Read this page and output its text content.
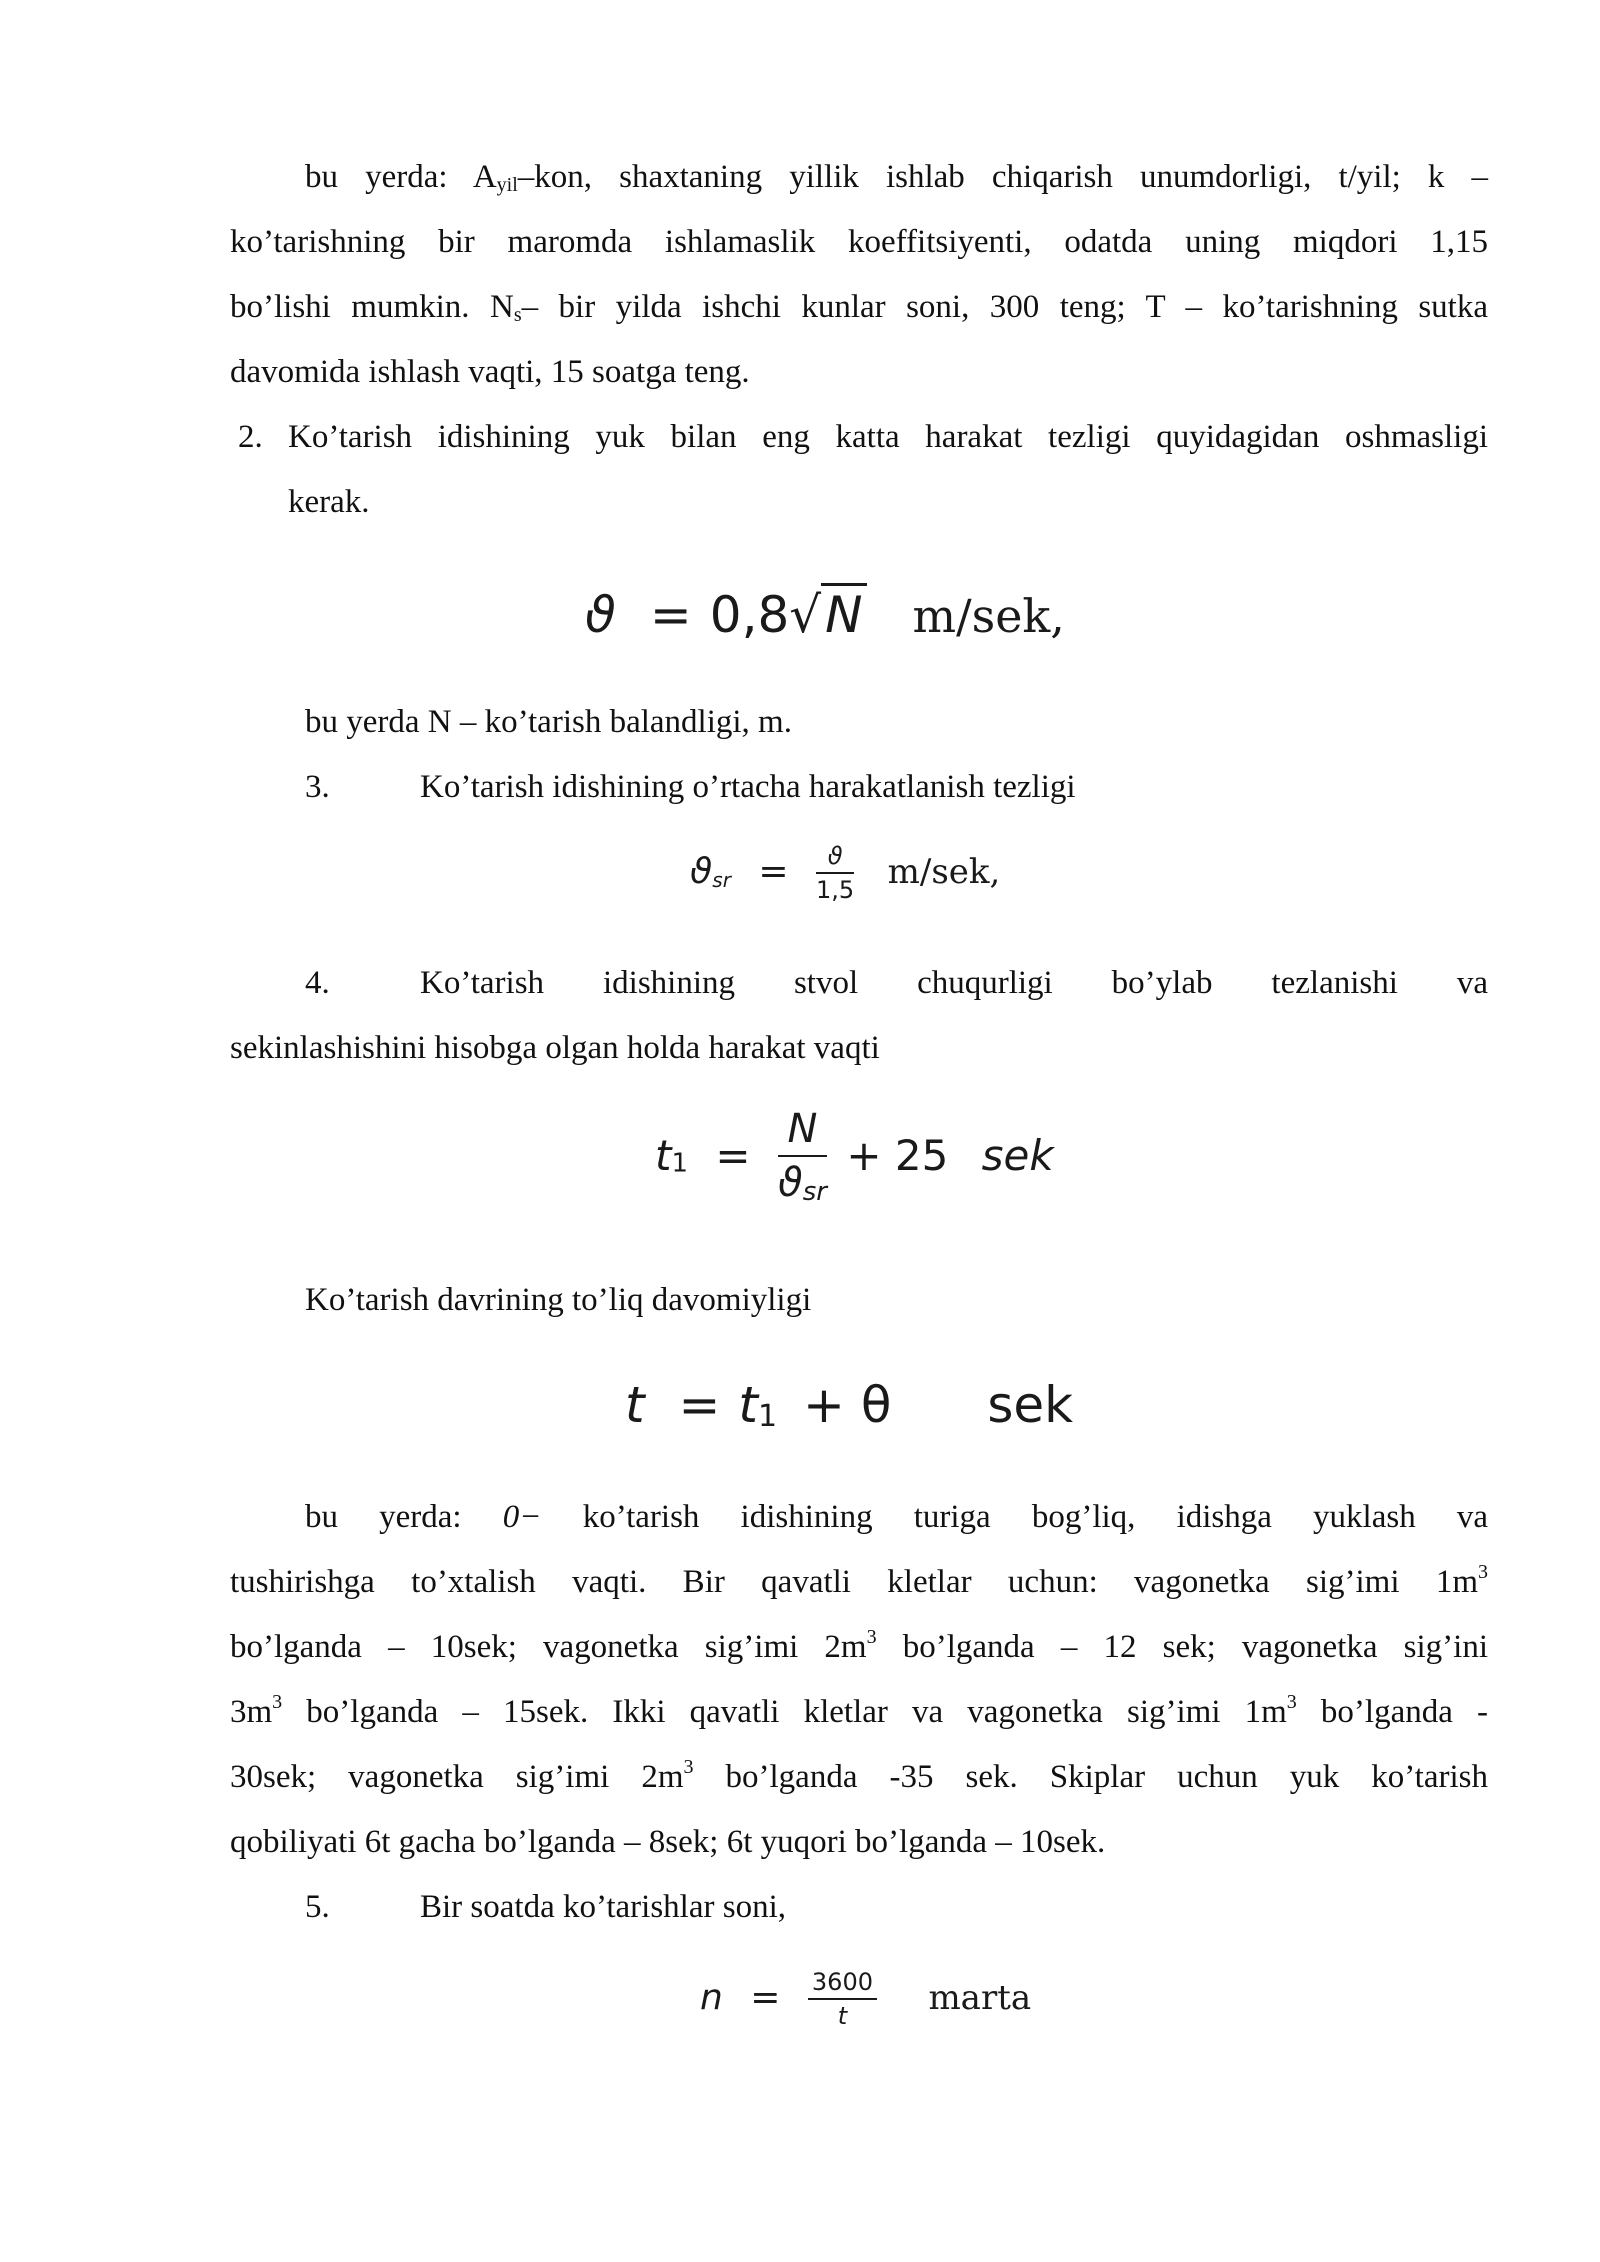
bu yerda: $A_{yil}$–kon, shaxtaning yillik ishlab chiqarish unumdorligi, t/yil; k –
ko’tarishning bir maromda ishlamaslik koeffitsiyenti, odatda uning miqdori 1,15
bo’lishi mumkin. $N_s-$ bir yilda ishchi kunlar soni, 300 teng; T – ko’tarishning sutka
davomida ishlash vaqti, 15 soatga teng.
2. Ko’tarish idishining yuk bilan eng katta harakat tezligi quyidagidan oshmasligi
kerak.
ϑ = 0,8√N m/sek,
bu yerda N – ko’tarish balandligi, m.
3.	Ko’tarish idishining o’rtacha harakatlanish tezligi
$ϑ_{sr} = \frac{ϑ}{1,5} m/sek$,
4.	Ko’tarish idishining stvol chuqurligi bo’ylab tezlanishi va
sekinlashishini hisobga olgan holda harakat vaqti
$t_1 = \frac{N}{ϑ_{sr}} + 25$ sek
Ko’tarish davrining to’liq davomiyligi
$t = t_1 + \theta$ sek
bu yerda: 0− ko’tarish idishining turiga bog’liq, idishga yuklash va
tushirishga to’xtalish vaqti. Bir qavatli kletlar uchun: vagonetka sig’imi $1m^3$
bo’lganda – 10sek; vagonetka sig’imi $2m^3$ bo’lganda – 12 sek; vagonetka sig’ini
$3m^3$ bo’lganda – 15sek. Ikki qavatli kletlar va vagonetka sig’imi $1m^3$ bo’lganda -
30sek; vagonetka sig’imi $2m^3$ bo’lganda -35 sek. Skiplar uchun yuk ko’tarish
qobiliyati 6t gacha bo’lganda – 8sek; 6t yuqori bo’lganda – 10sek.
5.	Bir soatda ko’tarishlar soni,
$n = \frac{3600}{t}$ marta
